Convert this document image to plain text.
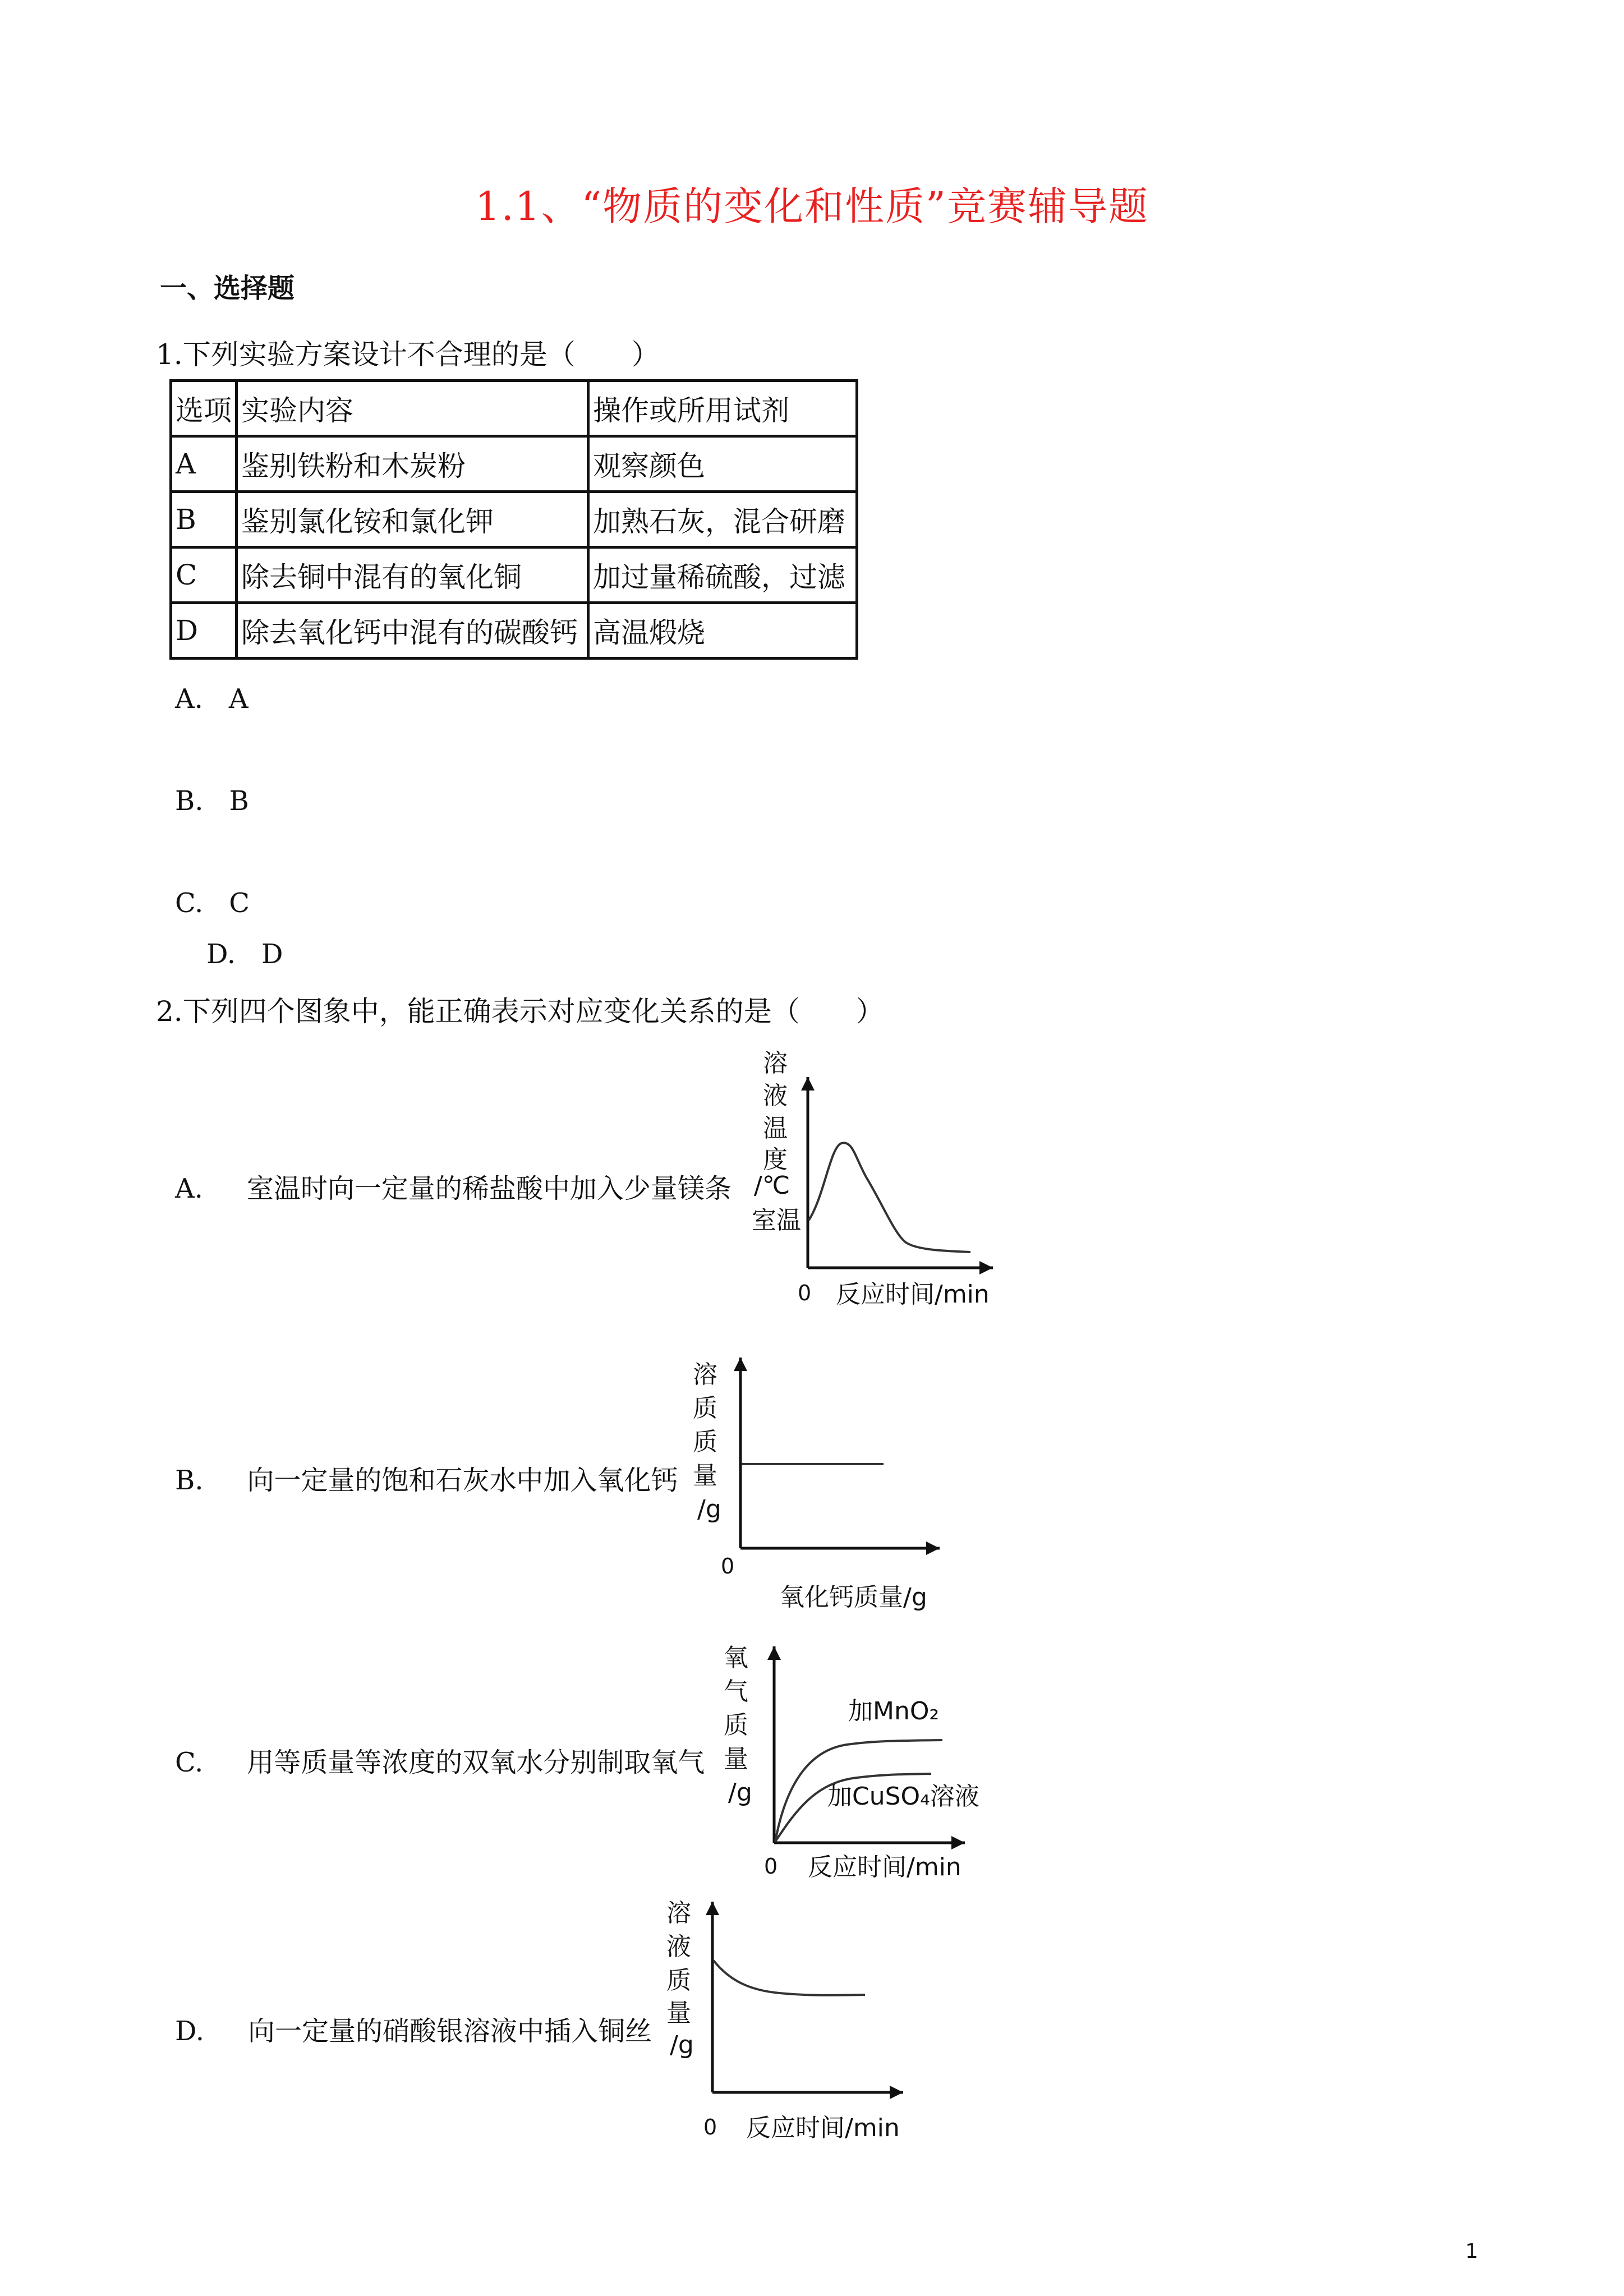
1.1、“物质的变化和性质”竞赛辅导题
一、选择题
1.下列实验方案设计不合理的是（　　）
选项	实验内容	操作或所用试剂
A	鉴别铁粉和木炭粉	观察颜色
B	鉴别氯化铵和氯化钾	加熟石灰，混合研磨
C	除去铜中混有的氧化铜	加过量稀硫酸，过滤
D	除去氧化钙中混有的碳酸钙	高温煅烧
A. A
B. B
C. C
D. D
2.下列四个图象中，能正确表示对应变化关系的是（　　）
A. 室温时向一定量的稀盐酸中加入少量镁条
溶
液
温
度
/℃
室温
0 反应时间/min
B. 向一定量的饱和石灰水中加入氧化钙
溶
质
质
量
/g
0
氧化钙质量/g
C. 用等质量等浓度的双氧水分别制取氧气
氧
气
质
量
/g
加MnO₂
加CuSO₄溶液
0 反应时间/min
D. 向一定量的硝酸银溶液中插入铜丝
溶
液
质
量
/g
0 反应时间/min
1
